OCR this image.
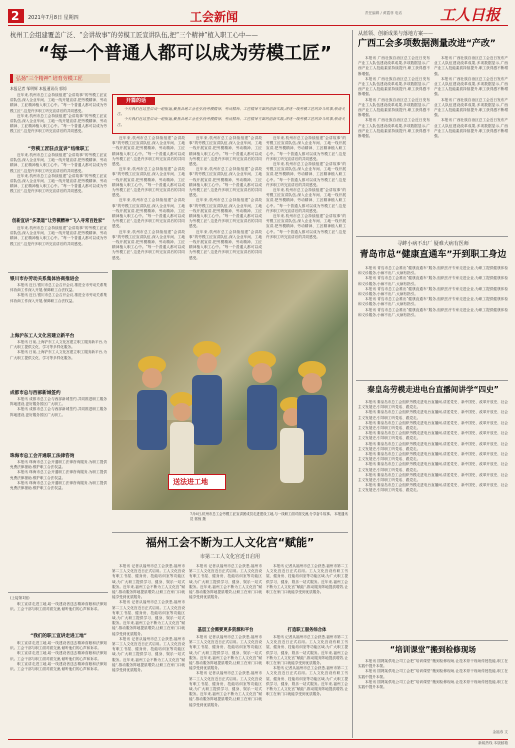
2 2021年7月8日 星期四	工会新闻	责任编辑 / 黄霞菲 电话	工人日报
杭州工会组建覆盖广泛、“会讲故事”的劳模工匠宣讲队伍,把“三个精神”植入职工心中——
“每一个普通人都可以成为劳模工匠”
弘扬“三个精神” 培育劳模工匠
本报记者 邹明辉 本报通讯员 郭惊

近年来,杭州市总工会持续组建“会讲故事”的劳模工匠宣讲队伍,深入企业车间、工地一线开展宣讲,把劳模精神、劳动精神、工匠精神植入职工心中。“每一个普通人都可以成为劳模工匠”,这是许多职工听完宣讲后的共同感受。

近年来,杭州市总工会持续组建“会讲故事”的劳模工匠宣讲队伍,深入企业车间、工地一线开展宣讲,把劳模精神、劳动精神、工匠精神植入职工心中。“每一个普通人都可以成为劳模工匠”,这是许多职工听完宣讲后的共同感受。

“劳模工匠驻点宣讲”结缘职工

近年来,杭州市总工会持续组建“会讲故事”的劳模工匠宣讲队伍,深入企业车间、工地一线开展宣讲,把劳模精神、劳动精神、工匠精神植入职工心中。“每一个普通人都可以成为劳模工匠”,这是许多职工听完宣讲后的共同感受。

近年来,杭州市总工会持续组建“会讲故事”的劳模工匠宣讲队伍,深入企业车间、工地一线开展宣讲,把劳模精神、劳动精神、工匠精神植入职工心中。“每一个普通人都可以成为劳模工匠”,这是许多职工听完宣讲后的共同感受。

创新宣讲“多渠道”让劳模精神“飞入寻常百姓家”

近年来,杭州市总工会持续组建“会讲故事”的劳模工匠宣讲队伍,深入企业车间、工地一线开展宣讲,把劳模精神、劳动精神、工匠精神植入职工心中。“每一个普通人都可以成为劳模工匠”,这是许多职工听完宣讲后的共同感受。

开篇的话

今天我们在这里启动一组报道,聚焦各地工会在弘扬劳模精神、劳动精神、工匠精神方面的创新实践,讲述一线劳模工匠的奋斗故事,敬请关注。

今天我们在这里启动一组报道,聚焦各地工会在弘扬劳模精神、劳动精神、工匠精神方面的创新实践,讲述一线劳模工匠的奋斗故事,敬请关注。

近年来,杭州市总工会持续组建“会讲故事”的劳模工匠宣讲队伍,深入企业车间、工地一线开展宣讲,把劳模精神、劳动精神、工匠精神植入职工心中。“每一个普通人都可以成为劳模工匠”,这是许多职工听完宣讲后的共同感受。

近年来,杭州市总工会持续组建“会讲故事”的劳模工匠宣讲队伍,深入企业车间、工地一线开展宣讲,把劳模精神、劳动精神、工匠精神植入职工心中。“每一个普通人都可以成为劳模工匠”,这是许多职工听完宣讲后的共同感受。

近年来,杭州市总工会持续组建“会讲故事”的劳模工匠宣讲队伍,深入企业车间、工地一线开展宣讲,把劳模精神、劳动精神、工匠精神植入职工心中。“每一个普通人都可以成为劳模工匠”,这是许多职工听完宣讲后的共同感受。

近年来,杭州市总工会持续组建“会讲故事”的劳模工匠宣讲队伍,深入企业车间、工地一线开展宣讲,把劳模精神、劳动精神、工匠精神植入职工心中。“每一个普通人都可以成为劳模工匠”,这是许多职工听完宣讲后的共同感受。

近年来,杭州市总工会持续组建“会讲故事”的劳模工匠宣讲队伍,深入企业车间、工地一线开展宣讲,把劳模精神、劳动精神、工匠精神植入职工心中。“每一个普通人都可以成为劳模工匠”,这是许多职工听完宣讲后的共同感受。

近年来,杭州市总工会持续组建“会讲故事”的劳模工匠宣讲队伍,深入企业车间、工地一线开展宣讲,把劳模精神、劳动精神、工匠精神植入职工心中。“每一个普通人都可以成为劳模工匠”,这是许多职工听完宣讲后的共同感受。

近年来,杭州市总工会持续组建“会讲故事”的劳模工匠宣讲队伍,深入企业车间、工地一线开展宣讲,把劳模精神、劳动精神、工匠精神植入职工心中。“每一个普通人都可以成为劳模工匠”,这是许多职工听完宣讲后的共同感受。

近年来,杭州市总工会持续组建“会讲故事”的劳模工匠宣讲队伍,深入企业车间、工地一线开展宣讲,把劳模精神、劳动精神、工匠精神植入职工心中。“每一个普通人都可以成为劳模工匠”,这是许多职工听完宣讲后的共同感受。

近年来,杭州市总工会持续组建“会讲故事”的劳模工匠宣讲队伍,深入企业车间、工地一线开展宣讲,把劳模精神、劳动精神、工匠精神植入职工心中。“每一个普通人都可以成为劳模工匠”,这是许多职工听完宣讲后的共同感受。

近年来,杭州市总工会持续组建“会讲故事”的劳模工匠宣讲队伍,深入企业车间、工地一线开展宣讲,把劳模精神、劳动精神、工匠精神植入职工心中。“每一个普通人都可以成为劳模工匠”,这是许多职工听完宣讲后的共同感受。

近年来,杭州市总工会持续组建“会讲故事”的劳模工匠宣讲队伍,深入企业车间、工地一线开展宣讲,把劳模精神、劳动精神、工匠精神植入职工心中。“每一个普通人都可以成为劳模工匠”,这是许多职工听完宣讲后的共同感受。

近年来,杭州市总工会持续组建“会讲故事”的劳模工匠宣讲队伍,深入企业车间、工地一线开展宣讲,把劳模精神、劳动精神、工匠精神植入职工心中。“每一个普通人都可以成为劳模工匠”,这是许多职工听完宣讲后的共同感受。

送法进工地
7月6日,杭州市总工会劳模工匠宣讲团成员走进建设工地,与一线职工面对面交流,分享奋斗故事。 本报通讯员 郭惊 摄
银川市办劳动关系集体协商推进会

本报讯 近日,银川市总工会召开会议,推进全市劳动关系集体协商工作深入开展,保障职工合法权益。

本报讯 近日,银川市总工会召开会议,推进全市劳动关系集体协商工作深入开展,保障职工合法权益。

上海沪东工人文化宫建立新平台

本报讯 日前,上海沪东工人文化宫建立职工服务新平台,为广大职工提供文化、学习等多样化服务。

本报讯 日前,上海沪东工人文化宫建立职工服务新平台,为广大职工提供文化、学习等多样化服务。

成都市总与西部新城签约

本报讯 成都市总工会与西部新城签约,共同推进职工服务阵地建设,更好服务园区广大职工。

本报讯 成都市总工会与西部新城签约,共同推进职工服务阵地建设,更好服务园区广大职工。

珠海市总工会开通职工法律咨询

本报讯 珠海市总工会开通职工法律咨询服务,为职工提供免费法律援助,维护职工合法权益。

本报讯 珠海市总工会开通职工法律咨询服务,为职工提供免费法律援助,维护职工合法权益。

本报讯 珠海市总工会开通职工法律咨询服务,为职工提供免费法律援助,维护职工合法权益。

(上接第1版)

职工宣讲走进工地,给一线建设者送去精神食粮和法律知识。工会干部与职工面对面交流,倾听他们的心声和诉求。

“我们的职工宣讲走进工地”

职工宣讲走进工地,给一线建设者送去精神食粮和法律知识。工会干部与职工面对面交流,倾听他们的心声和诉求。

职工宣讲走进工地,给一线建设者送去精神食粮和法律知识。工会干部与职工面对面交流,倾听他们的心声和诉求。

职工宣讲走进工地,给一线建设者送去精神食粮和法律知识。工会干部与职工面对面交流,倾听他们的心声和诉求。

福州工会不断为工人文化宫“赋能”
市第二工人文化宫近日启用

本报讯 记者从福州市总工会获悉,福州市第二工人文化宫近日正式启用。工人文化宫设有职工书屋、健身房、技能培训室等功能区域,为广大职工提供学习、健身、娱乐一站式服务。近年来,福州工会不断为工人文化宫“赋能”,推动服务阵地提质增效,让职工在家门口就能享受到优质服务。

本报讯 记者从福州市总工会获悉,福州市第二工人文化宫近日正式启用。工人文化宫设有职工书屋、健身房、技能培训室等功能区域,为广大职工提供学习、健身、娱乐一站式服务。近年来,福州工会不断为工人文化宫“赋能”,推动服务阵地提质增效,让职工在家门口就能享受到优质服务。

本报讯 记者从福州市总工会获悉,福州市第二工人文化宫近日正式启用。工人文化宫设有职工书屋、健身房、技能培训室等功能区域,为广大职工提供学习、健身、娱乐一站式服务。近年来,福州工会不断为工人文化宫“赋能”,推动服务阵地提质增效,让职工在家门口就能享受到优质服务。

本报讯 记者从福州市总工会获悉,福州市第二工人文化宫近日正式启用。工人文化宫设有职工书屋、健身房、技能培训室等功能区域,为广大职工提供学习、健身、娱乐一站式服务。近年来,福州工会不断为工人文化宫“赋能”,推动服务阵地提质增效,让职工在家门口就能享受到优质服务。

基层工会需要更多资源和平台

本报讯 记者从福州市总工会获悉,福州市第二工人文化宫近日正式启用。工人文化宫设有职工书屋、健身房、技能培训室等功能区域,为广大职工提供学习、健身、娱乐一站式服务。近年来,福州工会不断为工人文化宫“赋能”,推动服务阵地提质增效,让职工在家门口就能享受到优质服务。

本报讯 记者从福州市总工会获悉,福州市第二工人文化宫近日正式启用。工人文化宫设有职工书屋、健身房、技能培训室等功能区域,为广大职工提供学习、健身、娱乐一站式服务。近年来,福州工会不断为工人文化宫“赋能”,推动服务阵地提质增效,让职工在家门口就能享受到优质服务。

本报讯 记者从福州市总工会获悉,福州市第二工人文化宫近日正式启用。工人文化宫设有职工书屋、健身房、技能培训室等功能区域,为广大职工提供学习、健身、娱乐一站式服务。近年来,福州工会不断为工人文化宫“赋能”,推动服务阵地提质增效,让职工在家门口就能享受到优质服务。

打造职工服务综合体

本报讯 记者从福州市总工会获悉,福州市第二工人文化宫近日正式启用。工人文化宫设有职工书屋、健身房、技能培训室等功能区域,为广大职工提供学习、健身、娱乐一站式服务。近年来,福州工会不断为工人文化宫“赋能”,推动服务阵地提质增效,让职工在家门口就能享受到优质服务。

本报讯 记者从福州市总工会获悉,福州市第二工人文化宫近日正式启用。工人文化宫设有职工书屋、健身房、技能培训室等功能区域,为广大职工提供学习、健身、娱乐一站式服务。近年来,福州工会不断为工人文化宫“赋能”,推动服务阵地提质增效,让职工在家门口就能享受到优质服务。

从蓝领、创新成果与落地方案——
广西工会多项数据测量改进“产改”

本报讯 广西壮族自治区总工会近日发布产业工人队伍建设改革成果,多项数据显示,广西产业工人技能素质持续提升,职工获得感不断增强。

本报讯 广西壮族自治区总工会近日发布产业工人队伍建设改革成果,多项数据显示,广西产业工人技能素质持续提升,职工获得感不断增强。

本报讯 广西壮族自治区总工会近日发布产业工人队伍建设改革成果,多项数据显示,广西产业工人技能素质持续提升,职工获得感不断增强。

本报讯 广西壮族自治区总工会近日发布产业工人队伍建设改革成果,多项数据显示,广西产业工人技能素质持续提升,职工获得感不断增强。

本报讯 广西壮族自治区总工会近日发布产业工人队伍建设改革成果,多项数据显示,广西产业工人技能素质持续提升,职工获得感不断增强。

本报讯 广西壮族自治区总工会近日发布产业工人队伍建设改革成果,多项数据显示,广西产业工人技能素质持续提升,职工获得感不断增强。

本报讯 广西壮族自治区总工会近日发布产业工人队伍建设改革成果,多项数据显示,广西产业工人技能素质持续提升,职工获得感不断增强。

本报讯 广西壮族自治区总工会近日发布产业工人队伍建设改革成果,多项数据显示,广西产业工人技能素质持续提升,职工获得感不断增强。

寻衅小病不出厂 疑难大病有医师
青岛市总“健康直通车”开到职工身边

本报讯 青岛市总工会推出“健康直通车”服务,组织医疗专家走进企业,为职工提供健康体检和义诊服务,小病不出厂,大病有指引。

本报讯 青岛市总工会推出“健康直通车”服务,组织医疗专家走进企业,为职工提供健康体检和义诊服务,小病不出厂,大病有指引。

本报讯 青岛市总工会推出“健康直通车”服务,组织医疗专家走进企业,为职工提供健康体检和义诊服务,小病不出厂,大病有指引。

本报讯 青岛市总工会推出“健康直通车”服务,组织医疗专家走进企业,为职工提供健康体检和义诊服务,小病不出厂,大病有指引。

本报讯 青岛市总工会推出“健康直通车”服务,组织医疗专家走进企业,为职工提供健康体检和义诊服务,小病不出厂,大病有指引。

秦皇岛劳模走进电台直播间讲学“四史”

本报讯 秦皇岛市总工会组织劳模走进电台直播间,讲述党史、新中国史、改革开放史、社会主义发展史,引导职工听党话、跟党走。

本报讯 秦皇岛市总工会组织劳模走进电台直播间,讲述党史、新中国史、改革开放史、社会主义发展史,引导职工听党话、跟党走。

本报讯 秦皇岛市总工会组织劳模走进电台直播间,讲述党史、新中国史、改革开放史、社会主义发展史,引导职工听党话、跟党走。

本报讯 秦皇岛市总工会组织劳模走进电台直播间,讲述党史、新中国史、改革开放史、社会主义发展史,引导职工听党话、跟党走。

本报讯 秦皇岛市总工会组织劳模走进电台直播间,讲述党史、新中国史、改革开放史、社会主义发展史,引导职工听党话、跟党走。

本报讯 秦皇岛市总工会组织劳模走进电台直播间,讲述党史、新中国史、改革开放史、社会主义发展史,引导职工听党话、跟党走。

本报讯 秦皇岛市总工会组织劳模走进电台直播间,讲述党史、新中国史、改革开放史、社会主义发展史,引导职工听党话、跟党走。

本报讯 秦皇岛市总工会组织劳模走进电台直播间,讲述党史、新中国史、改革开放史、社会主义发展史,引导职工听党话、跟党走。

本报讯 秦皇岛市总工会组织劳模走进电台直播间,讲述党史、新中国史、改革开放史、社会主义发展史,引导职工听党话、跟党走。

“培训课堂”搬到检修现场

本报讯 国网某供电公司工会把“培训课堂”搬到检修现场,让技术骨干现场传授技能,职工在实践中提升本领。

本报讯 国网某供电公司工会把“培训课堂”搬到检修现场,让技术骨干现场传授技能,职工在实践中提升本领。

本报讯 国网某供电公司工会把“培训课堂”搬到检修现场,让技术骨干现场传授技能,职工在实践中提升本领。

金福寿 文
新闻热线 本版邮箱
